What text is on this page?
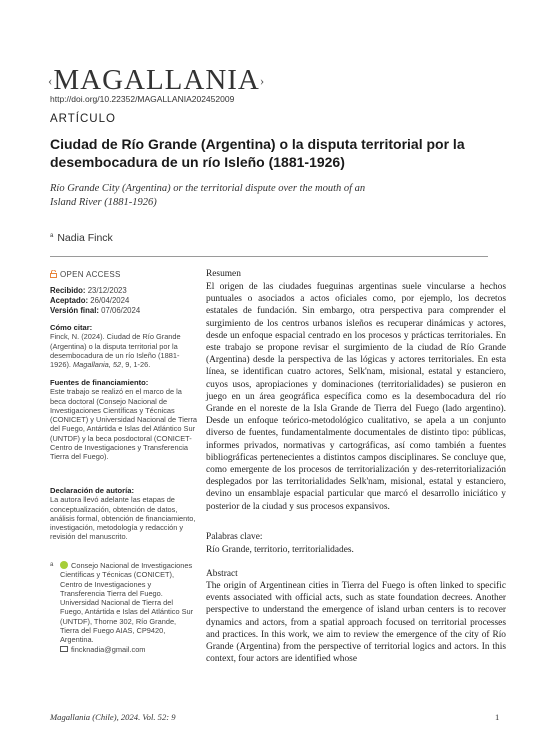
‹MAGALLANIA›
http://doi.org/10.22352/MAGALLANIA202452009
ARTÍCULO
Ciudad de Río Grande (Argentina) o la disputa territorial por la desembocadura de un río Isleño (1881-1926)
Río Grande City (Argentina) or the territorial dispute over the mouth of an Island River (1881-1926)
$^a$ Nadia Finck
OPEN ACCESS
Recibido: 23/12/2023
Aceptado: 26/04/2024
Versión final: 07/06/2024
Cómo citar:
Finck, N. (2024). Ciudad de Río Grande (Argentina) o la disputa territorial por la desembocadura de un río Isleño (1881-1926). Magallania, 52, 9, 1-26.
Fuentes de financiamiento:
Este trabajo se realizó en el marco de la beca doctoral (Consejo Nacional de Investigaciones Científicas y Técnicas (CONICET) y Universidad Nacional de Tierra del Fuego, Antártida e Islas del Atlántico Sur (UNTDF) y la beca posdoctoral (CONICET-Centro de Investigaciones y Transferencia Tierra del Fuego).
Declaración de autoría:
La autora llevó adelante las etapas de conceptualización, obtención de datos, análisis formal, obtención de financiamiento, investigación, metodología y redacción y revisión del manuscrito.
a	Consejo Nacional de Investigaciones Científicas y Técnicas (CONICET), Centro de Investigaciones y Transferencia Tierra del Fuego. Universidad Nacional de Tierra del Fuego, Antártida e Islas del Atlántico Sur (UNTDF), Thorne 302, Río Grande, Tierra del Fuego AIAS, CP9420, Argentina.
fincknadia@gmail.com
Resumen
El origen de las ciudades fueguinas argentinas suele vincularse a hechos puntuales o asociados a actos oficiales como, por ejemplo, los decretos estatales de fundación. Sin embargo, otra perspectiva para comprender el surgimiento de los centros urbanos isleños es recuperar dinámicas y actores, desde un enfoque espacial centrado en los procesos y prácticas territoriales. En este trabajo se propone revisar el surgimiento de la ciudad de Río Grande (Argentina) desde la perspectiva de las lógicas y actores territoriales. En esta línea, se identifican cuatro actores, Selk'nam, misional, estatal y estanciero, cuyos usos, apropiaciones y dominaciones (territorialidades) se pusieron en juego en un área geográfica específica como es la desembocadura del río Grande en el noreste de la Isla Grande de Tierra del Fuego (lado argentino). Desde un enfoque teórico-metodológico cualitativo, se apela a un conjunto diverso de fuentes, fundamentalmente documentales de distinto tipo: públicas, informes privados, normativas y cartográficas, así como también a fuentes bibliográficas pertenecientes a distintos campos disciplinares. Se concluye que, como emergente de los procesos de territorialización y des-reterritorialización desplegados por las territorialidades Selk'nam, misional, estatal y estanciero, devino un ensamblaje espacial particular que marcó el desarrollo iniciático y posterior de la ciudad y sus procesos expansivos.
Palabras clave:
Río Grande, territorio, territorialidades.
Abstract
The origin of Argentinean cities in Tierra del Fuego is often linked to specific events associated with official acts, such as state foundation decrees. Another perspective to understand the emergence of island urban centers is to recover dynamics and actors, from a spatial approach focused on territorial processes and practices. In this work, we aim to review the emergence of the city of Río Grande (Argentina) from the perspective of territorial logics and actors. In this context, four actors are identified whose
Magallania (Chile), 2024. Vol. 52: 9	1
